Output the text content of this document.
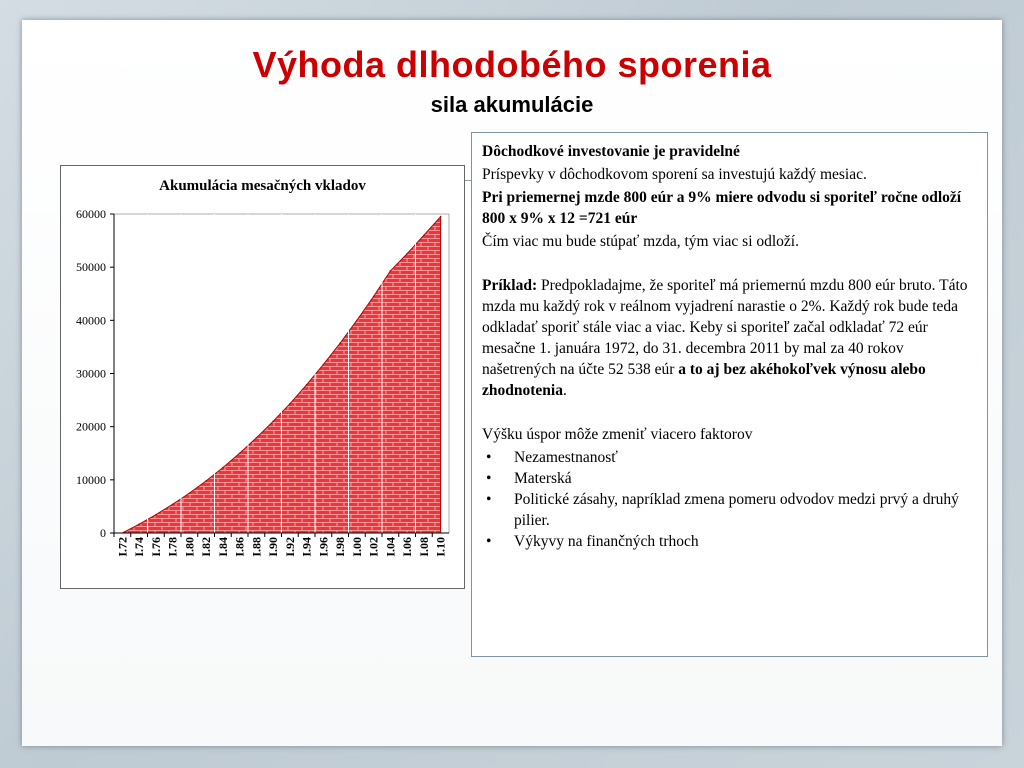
Výhoda dlhodobého sporenia
sila akumulácie
Akumulácia mesačných vkladov
0
10000
20000
30000
40000
50000
60000
I.72 I.74 I.76 I.78 I.80 I.82 I.84 I.86 I.88 I.90 I.92 I.94 I.96 I.98 I.00 I.02 I.04 I.06 I.08 I.10

Dôchodkové investovanie je pravidelné

Príspevky v dôchodkovom sporení sa investujú každý mesiac.

Pri priemernej mzde 800 eúr a 9% miere odvodu si sporiteľ ročne odloží 800 x 9% x 12 =721 eúr

Čím viac mu bude stúpať mzda, tým viac si odloží.

Príklad: Predpokladajme, že sporiteľ má priemernú mzdu 800 eúr bruto. Táto mzda mu každý rok v reálnom vyjadrení narastie o 2%. Každý rok bude teda odkladať sporiť stále viac a viac. Keby si sporiteľ začal odkladať 72 eúr mesačne 1. januára 1972, do 31. decembra 2011 by mal za 40 rokov našetrených na účte 52 538 eúr a to aj bez akéhokoľvek výnosu alebo zhodnotenia.

Výšku úspor môže zmeniť viacero faktorov

• Nezamestnanosť
• Materská
• Politické zásahy, napríklad zmena pomeru odvodov medzi prvý a druhý pilier.
• Výkyvy na finančných trhoch
